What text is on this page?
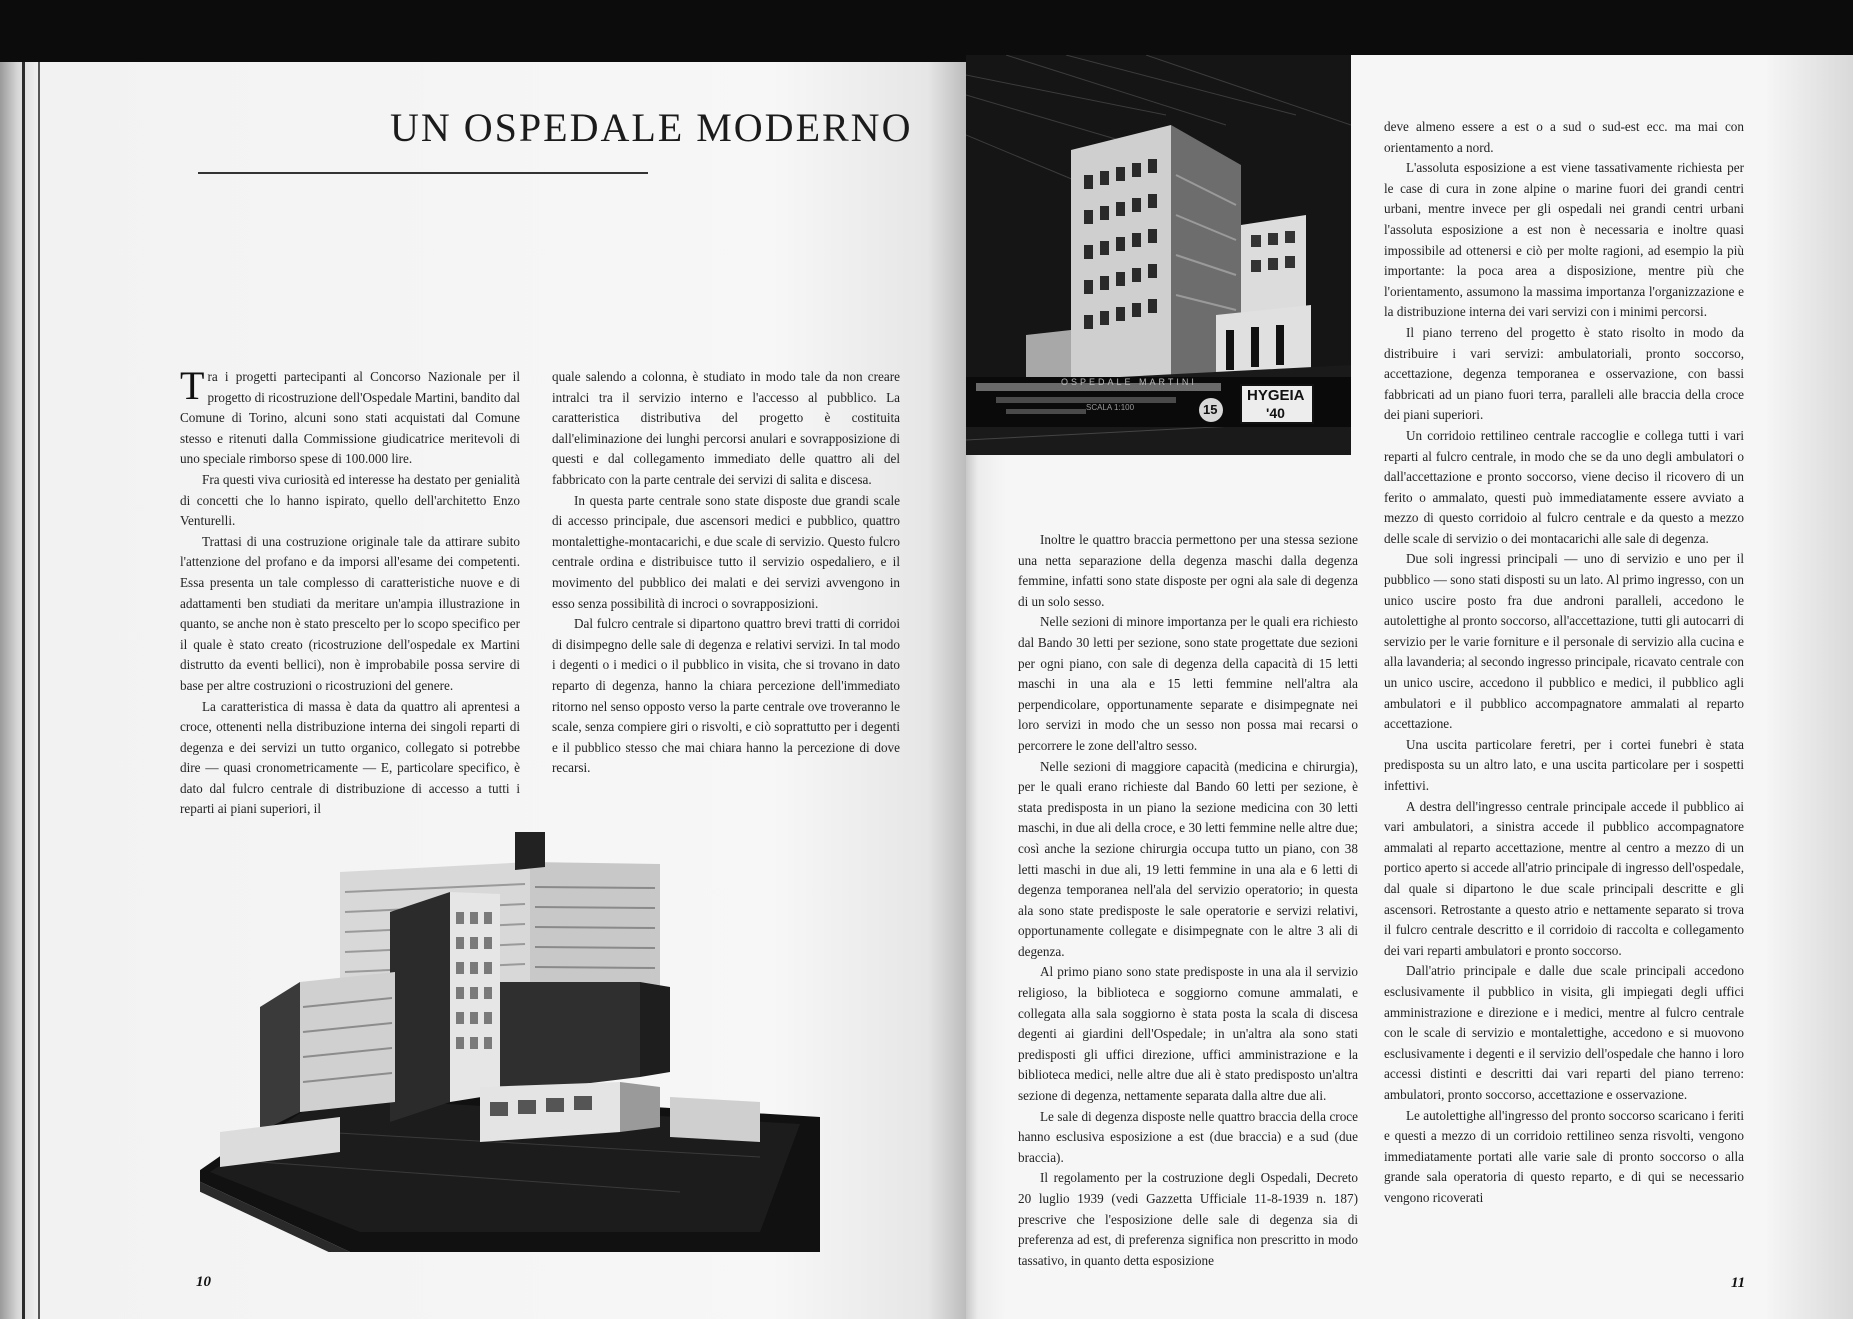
UN OSPEDALE MODERNO

Tra i progetti partecipanti al Concorso Nazionale per il progetto di ricostruzione dell'Ospedale Martini, bandito dal Comune di Torino, alcuni sono stati acquistati dal Comune stesso e ritenuti dalla Commissione giudicatrice meritevoli di uno speciale rimborso spese di 100.000 lire.

Fra questi viva curiosità ed interesse ha destato per genialità di concetti che lo hanno ispirato, quello dell'architetto Enzo Venturelli.

Trattasi di una costruzione originale tale da attirare subito l'attenzione del profano e da imporsi all'esame dei competenti. Essa presenta un tale complesso di caratteristiche nuove e di adattamenti ben studiati da meritare un'ampia illustrazione in quanto, se anche non è stato prescelto per lo scopo specifico per il quale è stato creato (ricostruzione dell'ospedale ex Martini distrutto da eventi bellici), non è improbabile possa servire di base per altre costruzioni o ricostruzioni del genere.

La caratteristica di massa è data da quattro ali aprentesi a croce, ottenenti nella distribuzione interna dei singoli reparti di degenza e dei servizi un tutto organico, collegato si potrebbe dire — quasi cronometricamente — E, particolare specifico, è dato dal fulcro centrale di distribuzione di accesso a tutti i reparti ai piani superiori, il

quale salendo a colonna, è studiato in modo tale da non creare intralci tra il servizio interno e l'accesso al pubblico. La caratteristica distributiva del progetto è costituita dall'eliminazione dei lunghi percorsi anulari e sovrapposizione di questi e dal collegamento immediato delle quattro ali del fabbricato con la parte centrale dei servizi di salita e discesa.

In questa parte centrale sono state disposte due grandi scale di accesso principale, due ascensori medici e pubblico, quattro montalettighe-montacarichi, e due scale di servizio. Questo fulcro centrale ordina e distribuisce tutto il servizio ospedaliero, e il movimento del pubblico dei malati e dei servizi avvengono in esso senza possibilità di incroci o sovrapposizioni.

Dal fulcro centrale si dipartono quattro brevi tratti di corridoi di disimpegno delle sale di degenza e relativi servizi. In tal modo i degenti o i medici o il pubblico in visita, che si trovano in dato reparto di degenza, hanno la chiara percezione dell'immediato ritorno nel senso opposto verso la parte centrale ove troveranno le scale, senza compiere giri o risvolti, e ciò soprattutto per i degenti e il pubblico stesso che mai chiara hanno la percezione di dove recarsi.

10
OSPEDALE MARTINI
SCALA 1:100	15
HYGEIA
'40

Inoltre le quattro braccia permettono per una stessa sezione una netta separazione della degenza maschi dalla degenza femmine, infatti sono state disposte per ogni ala sale di degenza di un solo sesso.

Nelle sezioni di minore importanza per le quali era richiesto dal Bando 30 letti per sezione, sono state progettate due sezioni per ogni piano, con sale di degenza della capacità di 15 letti maschi in una ala e 15 letti femmine nell'altra ala perpendicolare, opportunamente separate e disimpegnate nei loro servizi in modo che un sesso non possa mai recarsi o percorrere le zone dell'altro sesso.

Nelle sezioni di maggiore capacità (medicina e chirurgia), per le quali erano richieste dal Bando 60 letti per sezione, è stata predisposta in un piano la sezione medicina con 30 letti maschi, in due ali della croce, e 30 letti femmine nelle altre due; così anche la sezione chirurgia occupa tutto un piano, con 38 letti maschi in due ali, 19 letti femmine in una ala e 6 letti di degenza temporanea nell'ala del servizio operatorio; in questa ala sono state predisposte le sale operatorie e servizi relativi, opportunamente collegate e disimpegnate con le altre 3 ali di degenza.

Al primo piano sono state predisposte in una ala il servizio religioso, la biblioteca e soggiorno comune ammalati, e collegata alla sala soggiorno è stata posta la scala di discesa degenti ai giardini dell'Ospedale; in un'altra ala sono stati predisposti gli uffici direzione, uffici amministrazione e la biblioteca medici, nelle altre due ali è stato predisposto un'altra sezione di degenza, nettamente separata dalla altre due ali.

Le sale di degenza disposte nelle quattro braccia della croce hanno esclusiva esposizione a est (due braccia) e a sud (due braccia).

Il regolamento per la costruzione degli Ospedali, Decreto 20 luglio 1939 (vedi Gazzetta Ufficiale 11-8-1939 n. 187) prescrive che l'esposizione delle sale di degenza sia di preferenza ad est, di preferenza significa non prescritto in modo tassativo, in quanto detta esposizione

deve almeno essere a est o a sud o sud-est ecc. ma mai con orientamento a nord.

L'assoluta esposizione a est viene tassativamente richiesta per le case di cura in zone alpine o marine fuori dei grandi centri urbani, mentre invece per gli ospedali nei grandi centri urbani l'assoluta esposizione a est non è necessaria e inoltre quasi impossibile ad ottenersi e ciò per molte ragioni, ad esempio la più importante: la poca area a disposizione, mentre più che l'orientamento, assumono la massima importanza l'organizzazione e la distribuzione interna dei vari servizi con i minimi percorsi.

Il piano terreno del progetto è stato risolto in modo da distribuire i vari servizi: ambulatoriali, pronto soccorso, accettazione, degenza temporanea e osservazione, con bassi fabbricati ad un piano fuori terra, paralleli alle braccia della croce dei piani superiori.

Un corridoio rettilineo centrale raccoglie e collega tutti i vari reparti al fulcro centrale, in modo che se da uno degli ambulatori o dall'accettazione e pronto soccorso, viene deciso il ricovero di un ferito o ammalato, questi può immediatamente essere avviato a mezzo di questo corridoio al fulcro centrale e da questo a mezzo delle scale di servizio o dei montacarichi alle sale di degenza.

Due soli ingressi principali — uno di servizio e uno per il pubblico — sono stati disposti su un lato. Al primo ingresso, con un unico uscire posto fra due androni paralleli, accedono le autolettighe al pronto soccorso, all'accettazione, tutti gli autocarri di servizio per le varie forniture e il personale di servizio alla cucina e alla lavanderia; al secondo ingresso principale, ricavato centrale con un unico uscire, accedono il pubblico e medici, il pubblico agli ambulatori e il pubblico accompagnatore ammalati al reparto accettazione.

Una uscita particolare feretri, per i cortei funebri è stata predisposta su un altro lato, e una uscita particolare per i sospetti infettivi.

A destra dell'ingresso centrale principale accede il pubblico ai vari ambulatori, a sinistra accede il pubblico accompagnatore ammalati al reparto accettazione, mentre al centro a mezzo di un portico aperto si accede all'atrio principale di ingresso dell'ospedale, dal quale si dipartono le due scale principali descritte e gli ascensori. Retrostante a questo atrio e nettamente separato si trova il fulcro centrale descritto e il corridoio di raccolta e collegamento dei vari reparti ambulatori e pronto soccorso.

Dall'atrio principale e dalle due scale principali accedono esclusivamente il pubblico in visita, gli impiegati degli uffici amministrazione e direzione e i medici, mentre al fulcro centrale con le scale di servizio e montalettighe, accedono e si muovono esclusivamente i degenti e il servizio dell'ospedale che hanno i loro accessi distinti e descritti dai vari reparti del piano terreno: ambulatori, pronto soccorso, accettazione e osservazione.

Le autolettighe all'ingresso del pronto soccorso scaricano i feriti e questi a mezzo di un corridoio rettilineo senza risvolti, vengono immediatamente portati alle varie sale di pronto soccorso o alla grande sala operatoria di questo reparto, e di qui se necessario vengono ricoverati

11
